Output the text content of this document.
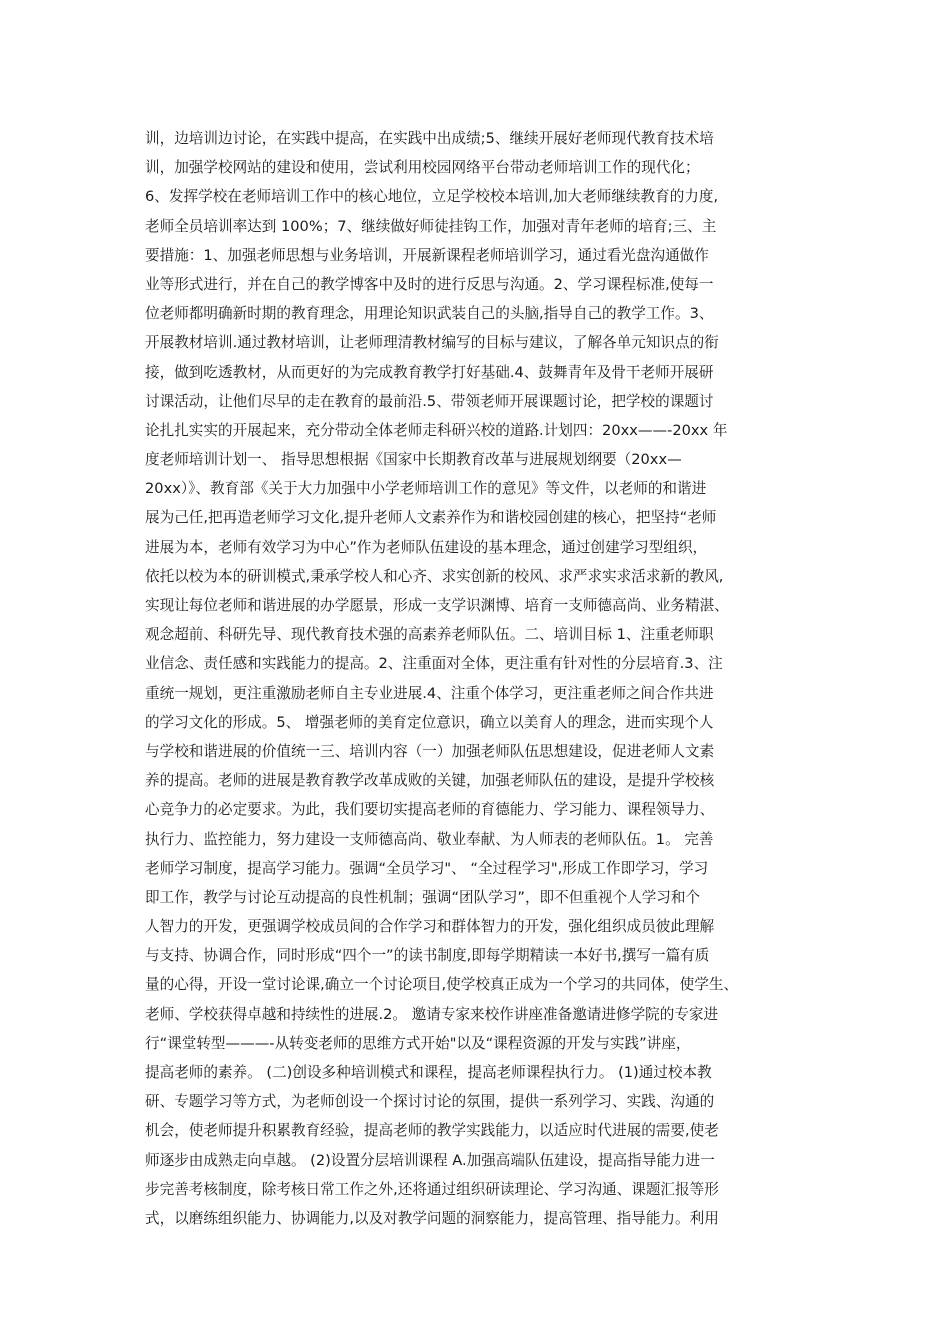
训，边培训边讨论，在实践中提高，在实践中出成绩;5、继续开展好老师现代教育技术培
训，加强学校网站的建设和使用，尝试利用校园网络平台带动老师培训工作的现代化；
6、发挥学校在老师培训工作中的核心地位，立足学校校本培训,加大老师继续教育的力度,
老师全员培训率达到 100%；7、继续做好师徒挂钩工作，加强对青年老师的培育;三、主
要措施：1、加强老师思想与业务培训，开展新课程老师培训学习，通过看光盘沟通做作
业等形式进行，并在自己的教学博客中及时的进行反思与沟通。2、学习课程标准,使每一
位老师都明确新时期的教育理念，用理论知识武装自己的头脑,指导自己的教学工作。3、
开展教材培训.通过教材培训，让老师理清教材编写的目标与建议，了解各单元知识点的衔
接，做到吃透教材，从而更好的为完成教育教学打好基础.4、鼓舞青年及骨干老师开展研
讨课活动，让他们尽早的走在教育的最前沿.5、带领老师开展课题讨论，把学校的课题讨
论扎扎实实的开展起来，充分带动全体老师走科研兴校的道路.计划四：20xx——-20xx 年
度老师培训计划一、 指导思想根据《国家中长期教育改革与进展规划纲要（20xx—
20xx）》、教育部《关于大力加强中小学老师培训工作的意见》等文件，以老师的和谐进
展为己任,把再造老师学习文化,提升老师人文素养作为和谐校园创建的核心，把坚持“老师
进展为本，老师有效学习为中心”作为老师队伍建设的基本理念，通过创建学习型组织，
依托以校为本的研训模式,秉承学校人和心齐、求实创新的校风、求严求实求活求新的教风,
实现让每位老师和谐进展的办学愿景，形成一支学识渊博、培育一支师德高尚、业务精湛、
观念超前、科研先导、现代教育技术强的高素养老师队伍。二、培训目标 1、注重老师职
业信念、责任感和实践能力的提高。2、注重面对全体，更注重有针对性的分层培育.3、注
重统一规划，更注重激励老师自主专业进展.4、注重个体学习，更注重老师之间合作共进
的学习文化的形成。5、 增强老师的美育定位意识，确立以美育人的理念，进而实现个人
与学校和谐进展的价值统一三、培训内容（一）加强老师队伍思想建设，促进老师人文素
养的提高。老师的进展是教育教学改革成败的关键，加强老师队伍的建设，是提升学校核
心竞争力的必定要求。为此，我们要切实提高老师的育德能力、学习能力、课程领导力、
执行力、监控能力，努力建设一支师德高尚、敬业奉献、为人师表的老师队伍。1。 完善
老师学习制度，提高学习能力。强调“全员学习"、 “全过程学习",形成工作即学习，学习
即工作，教学与讨论互动提高的良性机制；强调“团队学习”，即不但重视个人学习和个
人智力的开发，更强调学校成员间的合作学习和群体智力的开发，强化组织成员彼此理解
与支持、协调合作，同时形成“四个一”的读书制度,即每学期精读一本好书,撰写一篇有质
量的心得，开设一堂讨论课,确立一个讨论项目,使学校真正成为一个学习的共同体，使学生、
老师、学校获得卓越和持续性的进展.2。 邀请专家来校作讲座准备邀请进修学院的专家进
行“课堂转型———-从转变老师的思维方式开始"以及“课程资源的开发与实践”讲座，
提高老师的素养。 (二)创设多种培训模式和课程，提高老师课程执行力。 (1)通过校本教
研、专题学习等方式，为老师创设一个探讨讨论的氛围，提供一系列学习、实践、沟通的
机会，使老师提升积累教育经验，提高老师的教学实践能力，以适应时代进展的需要,使老
师逐步由成熟走向卓越。 (2)设置分层培训课程 A.加强高端队伍建设，提高指导能力进一
步完善考核制度，除考核日常工作之外,还将通过组织研读理论、学习沟通、课题汇报等形
式，以磨练组织能力、协调能力,以及对教学问题的洞察能力，提高管理、指导能力。利用
